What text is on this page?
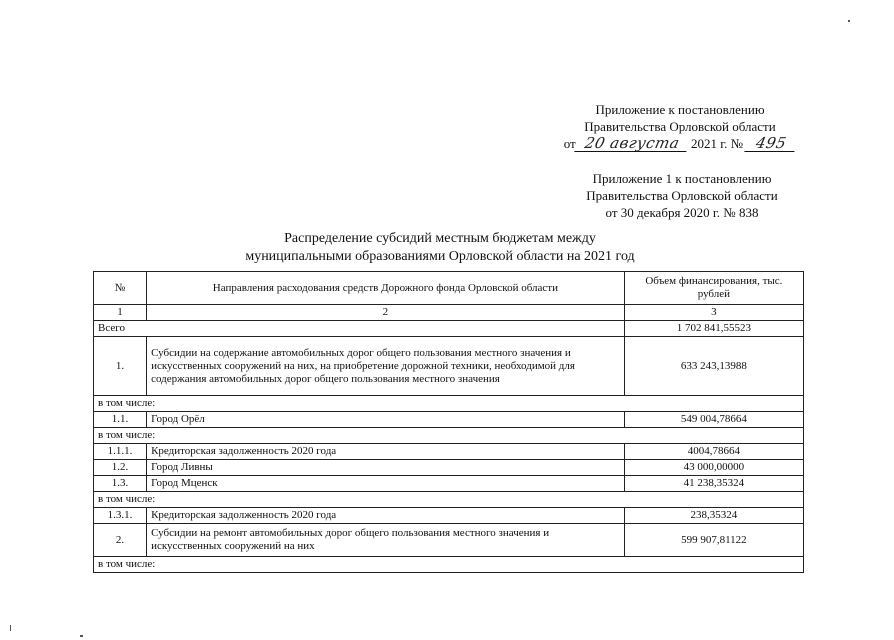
Приложение к постановлению
Правительства Орловской области
от 20 августа 2021 г. № 495
Приложение 1 к постановлению
Правительства Орловской области
от 30 декабря 2020 г. № 838
Распределение субсидий местным бюджетам между
муниципальными образованиями Орловской области на 2021 год
№	Направления расходования средств Дорожного фонда Орловской области	Объем финансирования, тыс. рублей
1	2	3
Всего		1 702 841,55523
1.	Субсидии на содержание автомобильных дорог общего пользования местного значения и искусственных сооружений на них, на приобретение дорожной техники, необходимой для содержания автомобильных дорог общего пользования местного значения	633 243,13988
в том числе:		
1.1.	Город Орёл	549 004,78664
в том числе:		
1.1.1.	Кредиторская задолженность 2020 года	4004,78664
1.2.	Город Ливны	43 000,00000
1.3.	Город Мценск	41 238,35324
в том числе:		
1.3.1.	Кредиторская задолженность 2020 года	238,35324
2.	Субсидии на ремонт автомобильных дорог общего пользования местного значения и искусственных сооружений на них	599 907,81122
в том числе:		
